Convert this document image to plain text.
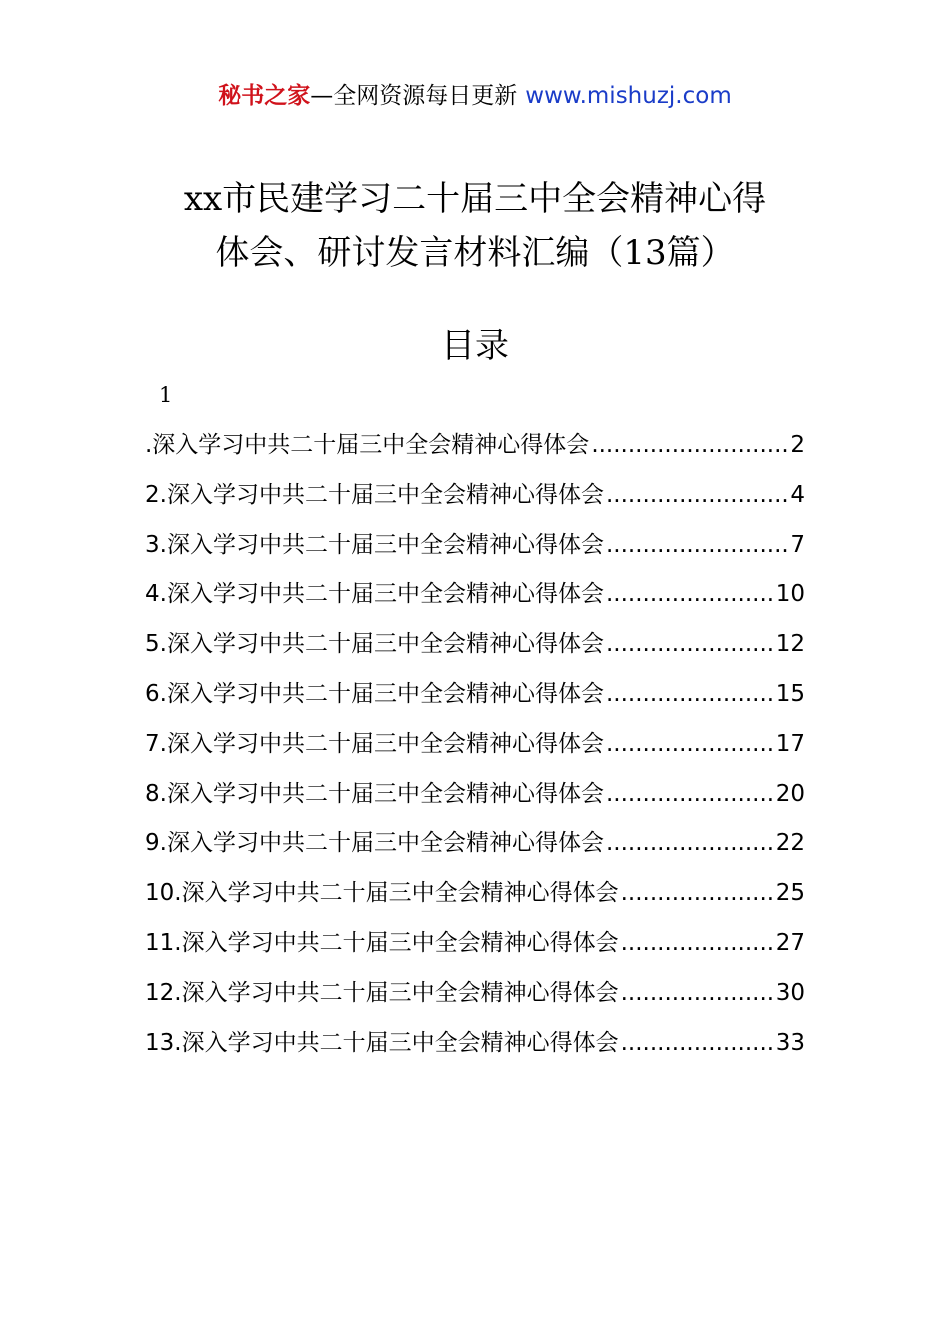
秘书之家—全网资源每日更新 www.mishuzj.com
xx市民建学习二十届三中全会精神心得
体会、研讨发言材料汇编（13篇）
目录
1
.深入学习中共二十届三中全会精神心得体会 .....	2
2.深入学习中共二十届三中全会精神心得体会 .....	4
3.深入学习中共二十届三中全会精神心得体会 .....	7
4.深入学习中共二十届三中全会精神心得体会 .....	10
5.深入学习中共二十届三中全会精神心得体会 .....	12
6.深入学习中共二十届三中全会精神心得体会 .....	15
7.深入学习中共二十届三中全会精神心得体会 .....	17
8.深入学习中共二十届三中全会精神心得体会 .....	20
9.深入学习中共二十届三中全会精神心得体会 .....	22
10.深入学习中共二十届三中全会精神心得体会 .....	25
11.深入学习中共二十届三中全会精神心得体会 .....	27
12.深入学习中共二十届三中全会精神心得体会 .....	30
13.深入学习中共二十届三中全会精神心得体会 .....	33
